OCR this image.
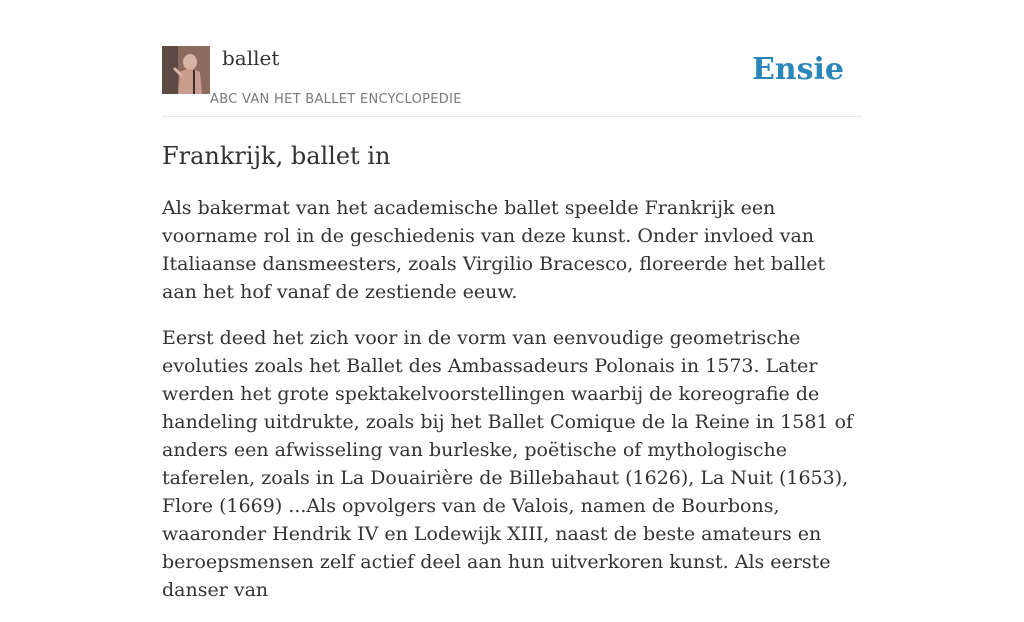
ballet
ABC VAN HET BALLET ENCYCLOPEDIE
Ensie
Frankrijk, ballet in

Als bakermat van het academische ballet speelde Frankrijk een voorname rol in de geschiedenis van deze kunst. Onder invloed van Italiaanse dansmeesters, zoals Virgilio Bracesco, floreerde het ballet aan het hof vanaf de zestiende eeuw.

Eerst deed het zich voor in de vorm van eenvoudige geometrische evoluties zoals het Ballet des Ambassadeurs Polonais in 1573. Later werden het grote spektakelvoorstellingen waarbij de koreografie de handeling uitdrukte, zoals bij het Ballet Comique de la Reine in 1581 of anders een afwisseling van burleske, poëtische of mythologische taferelen, zoals in La Douairière de Billebahaut (1626), La Nuit (1653), Flore (1669) ...Als opvolgers van de Valois, namen de Bourbons, waaronder Hendrik IV en Lodewijk XIII, naast de beste amateurs en beroepsmensen zelf actief deel aan hun uitverkoren kunst. Als eerste danser van
